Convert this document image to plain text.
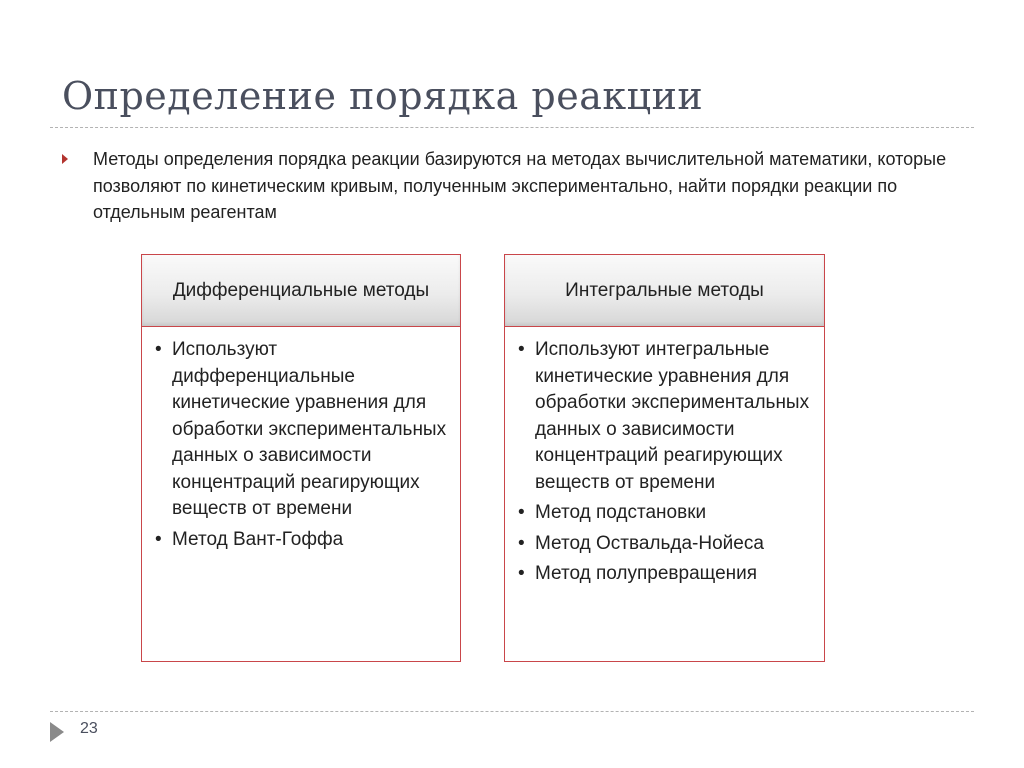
Определение порядка реакции
Методы определения порядка реакции базируются на методах вычислительной математики, которые позволяют по кинетическим кривым, полученным экспериментально, найти порядки реакции по отдельным реагентам
Дифференциальные методы
• Используют дифференциальные кинетические уравнения для обработки экспериментальных данных о зависимости концентраций реагирующих веществ от времени
• Метод Вант-Гоффа
Интегральные методы
• Используют интегральные кинетические уравнения для обработки экспериментальных данных о зависимости концентраций реагирующих веществ от времени
• Метод подстановки
• Метод Оствальда-Нойеса
• Метод полупревращения
23
